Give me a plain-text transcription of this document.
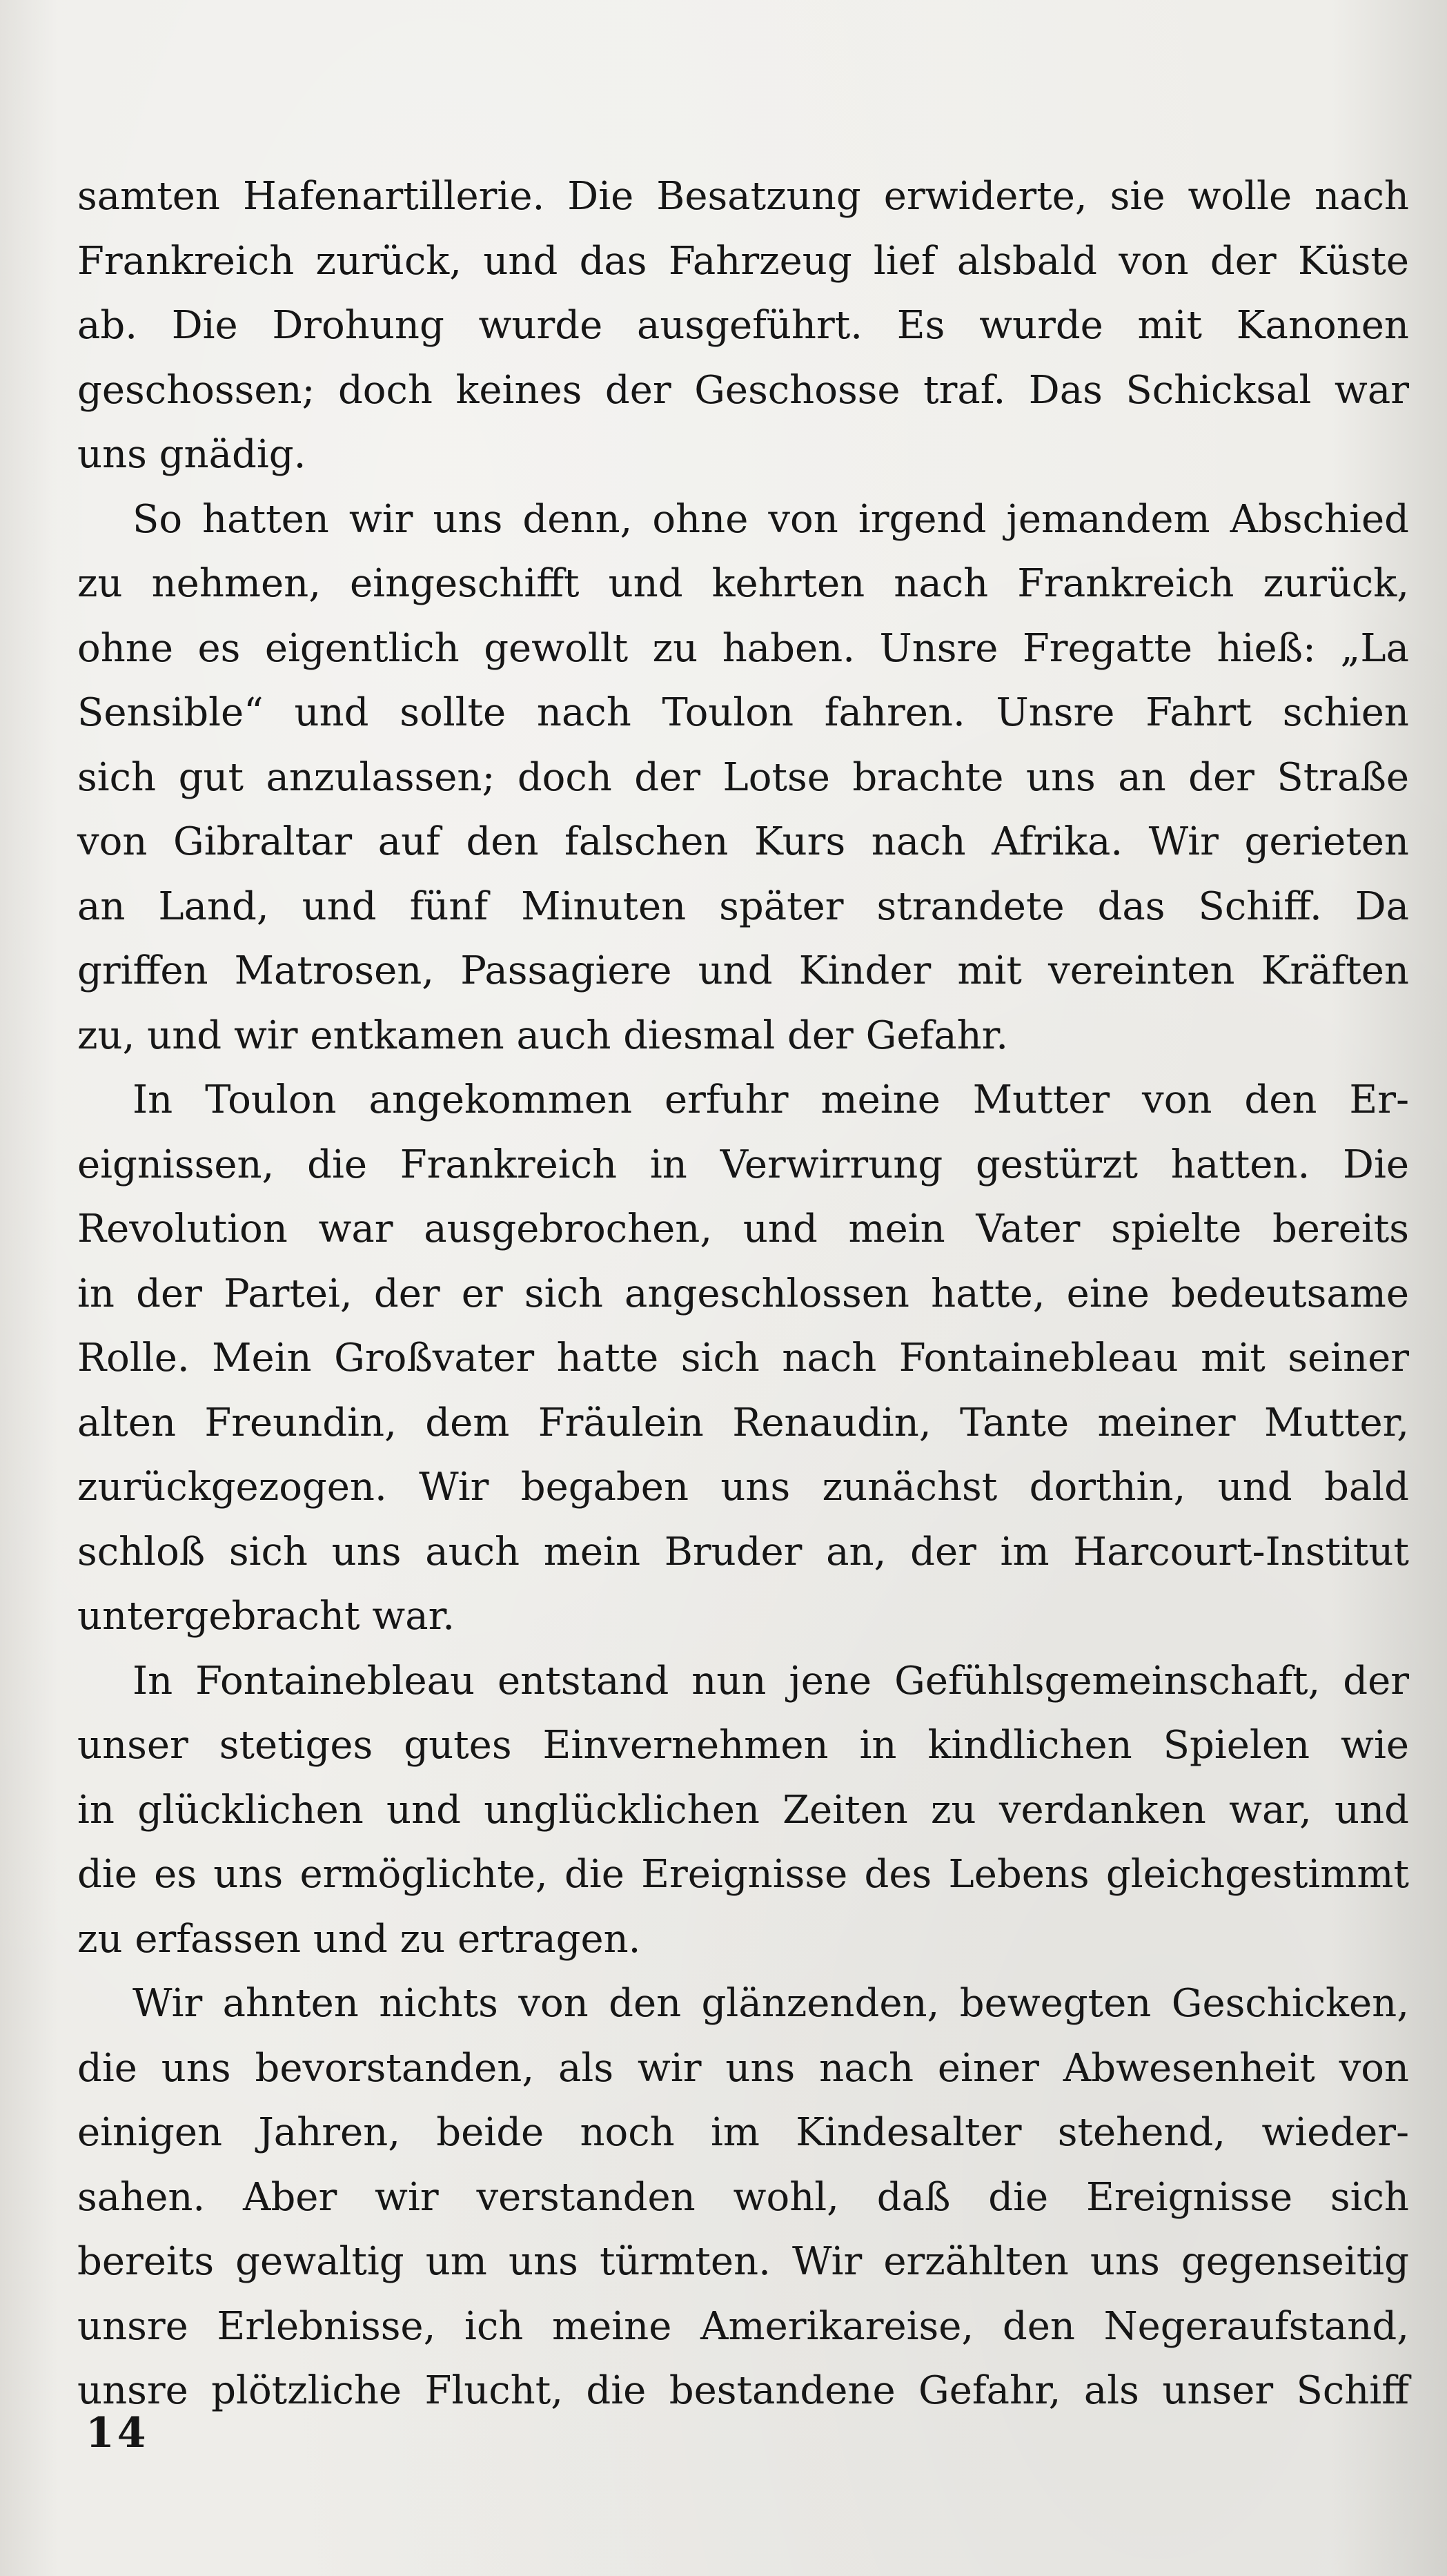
samten Hafenartillerie. Die Besatzung erwiderte, sie wolle nach
Frankreich zurück, und das Fahrzeug lief alsbald von der Küste
ab. Die Drohung wurde ausgeführt. Es wurde mit Kanonen
geschossen; doch keines der Geschosse traf. Das Schicksal war
uns gnädig.

So hatten wir uns denn, ohne von irgend jemandem Abschied
zu nehmen, eingeschifft und kehrten nach Frankreich zurück,
ohne es eigentlich gewollt zu haben. Unsre Fregatte hieß: „La
Sensible“ und sollte nach Toulon fahren. Unsre Fahrt schien
sich gut anzulassen; doch der Lotse brachte uns an der Straße
von Gibraltar auf den falschen Kurs nach Afrika. Wir gerieten
an Land, und fünf Minuten später strandete das Schiff. Da
griffen Matrosen, Passagiere und Kinder mit vereinten Kräften
zu, und wir entkamen auch diesmal der Gefahr.

In Toulon angekommen erfuhr meine Mutter von den Er-
eignissen, die Frankreich in Verwirrung gestürzt hatten. Die
Revolution war ausgebrochen, und mein Vater spielte bereits
in der Partei, der er sich angeschlossen hatte, eine bedeutsame
Rolle. Mein Großvater hatte sich nach Fontainebleau mit seiner
alten Freundin, dem Fräulein Renaudin, Tante meiner Mutter,
zurückgezogen. Wir begaben uns zunächst dorthin, und bald
schloß sich uns auch mein Bruder an, der im Harcourt-Institut
untergebracht war.

In Fontainebleau entstand nun jene Gefühlsgemeinschaft, der
unser stetiges gutes Einvernehmen in kindlichen Spielen wie
in glücklichen und unglücklichen Zeiten zu verdanken war, und
die es uns ermöglichte, die Ereignisse des Lebens gleichgestimmt
zu erfassen und zu ertragen.

Wir ahnten nichts von den glänzenden, bewegten Geschicken,
die uns bevorstanden, als wir uns nach einer Abwesenheit von
einigen Jahren, beide noch im Kindesalter stehend, wieder-
sahen. Aber wir verstanden wohl, daß die Ereignisse sich
bereits gewaltig um uns türmten. Wir erzählten uns gegenseitig
unsre Erlebnisse, ich meine Amerikareise, den Negeraufstand,
unsre plötzliche Flucht, die bestandene Gefahr, als unser Schiff

14
